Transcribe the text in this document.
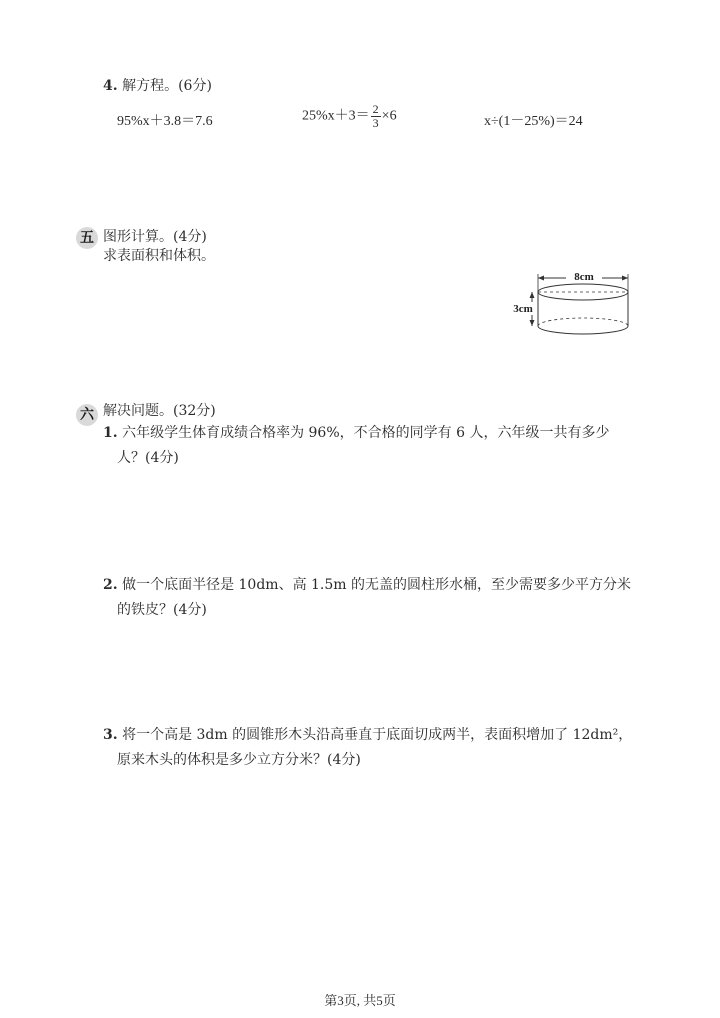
4. 解方程。(6分)
95%x＋3.8＝7.6	$25\%x+3= \frac{2}{3} \times 6$	x÷(1－25%)＝24
五 图形计算。(4分)
求表面积和体积。
8cm
3cm
六 解决问题。(32分)
1. 六年级学生体育成绩合格率为 96%，不合格的同学有 6 人，六年级一共有多少
人？(4分)
2. 做一个底面半径是 10dm、高 1.5m 的无盖的圆柱形水桶，至少需要多少平方分米
的铁皮？(4分)
3. 将一个高是 3dm 的圆锥形木头沿高垂直于底面切成两半，表面积增加了 12dm²，
原来木头的体积是多少立方分米？(4分)
第3页, 共5页
